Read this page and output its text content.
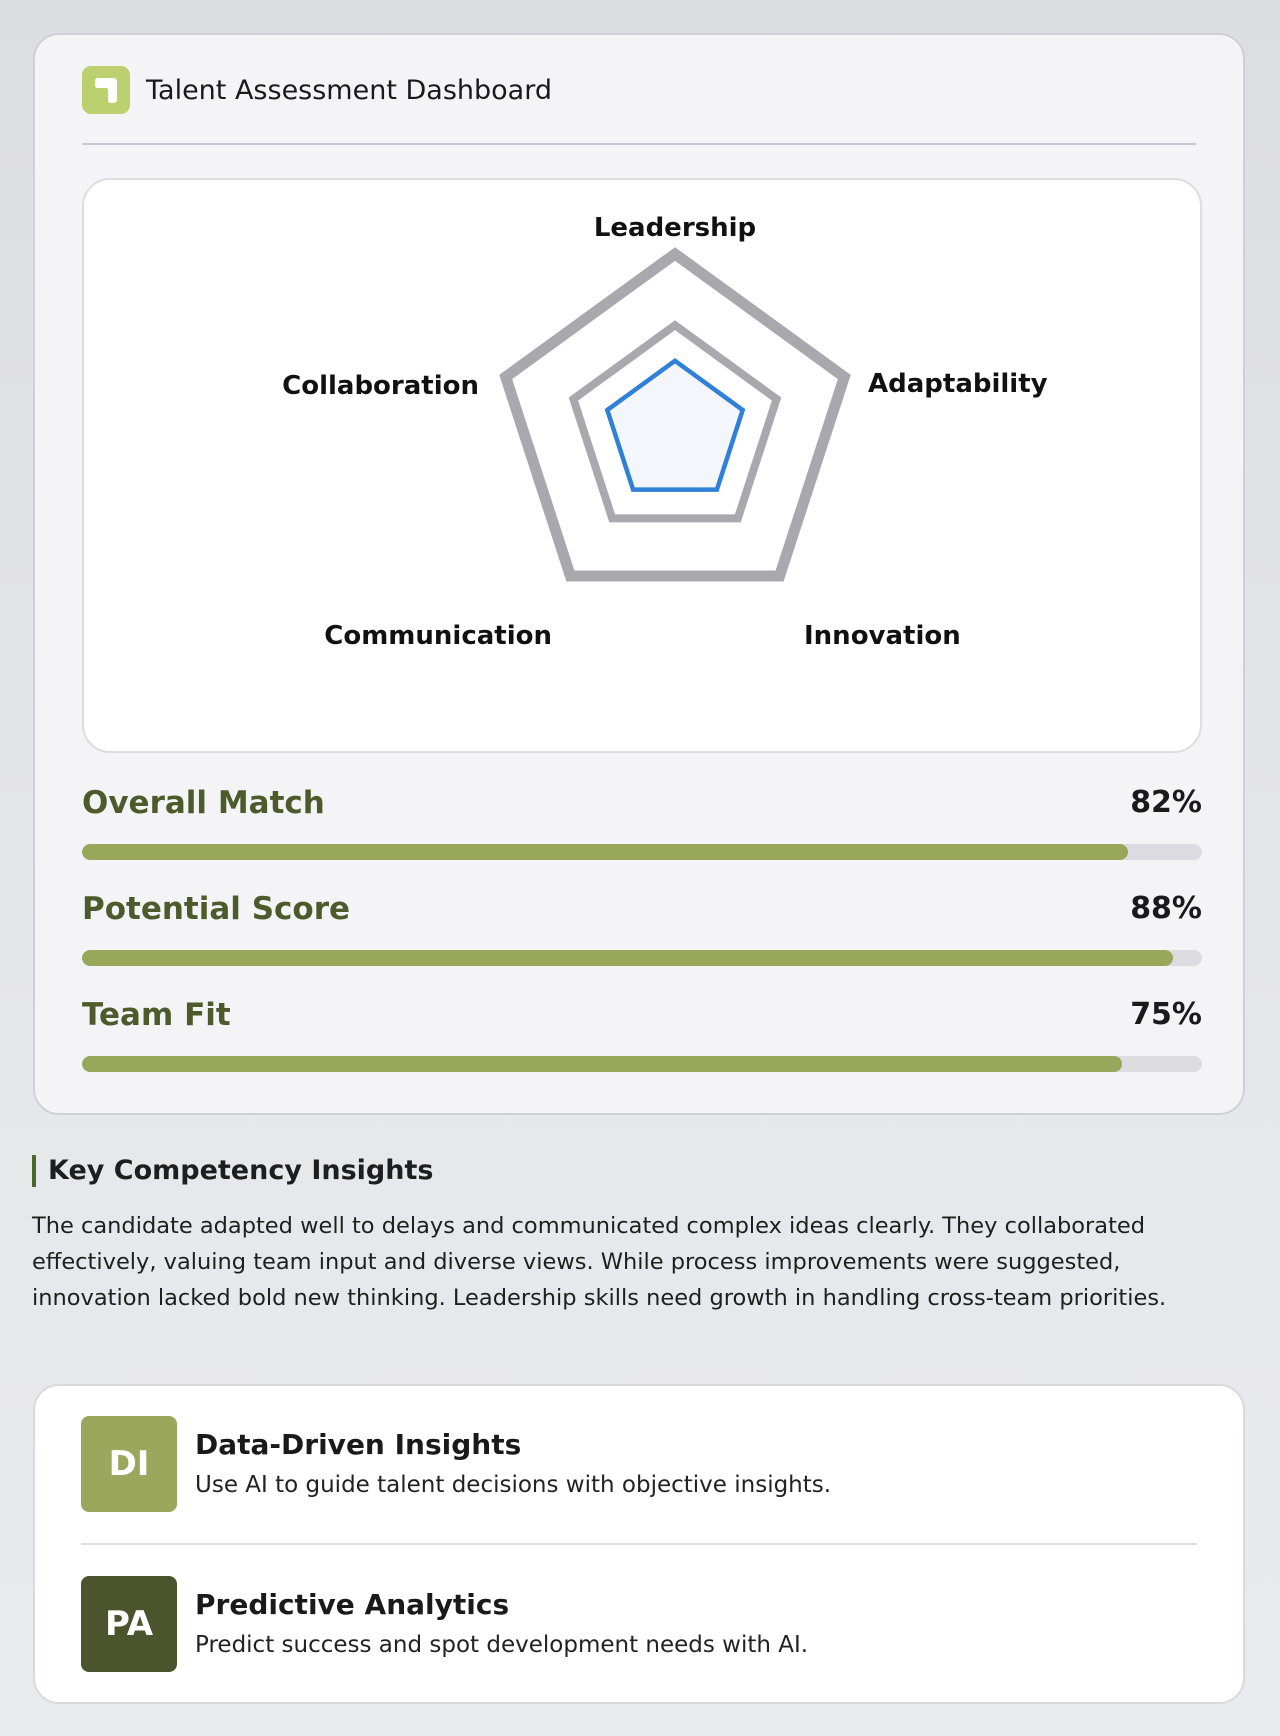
Talent Assessment Dashboard
Leadership
Adaptability
Innovation
Communication
Collaboration
Overall Match	82%
Potential Score	88%
Team Fit	75%
Key Competency Insights
The candidate adapted well to delays and communicated complex ideas clearly. They collaborated effectively, valuing team input and diverse views. While process improvements were suggested, innovation lacked bold new thinking. Leadership skills need growth in handling cross-team priorities.
DI	Data-Driven Insights
Use AI to guide talent decisions with objective insights.
PA	Predictive Analytics
Predict success and spot development needs with AI.
